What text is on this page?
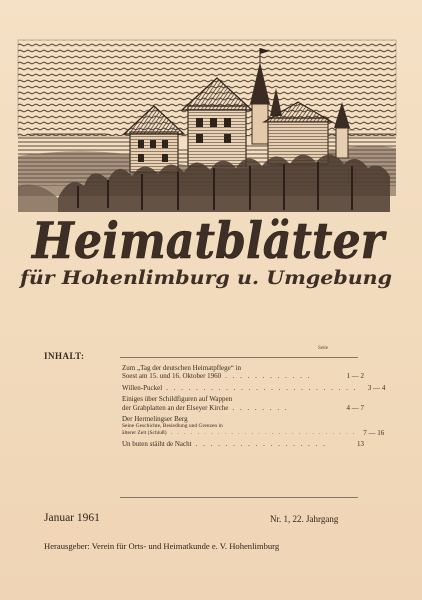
Heimatblätter
für Hohenlimburg u. Umgebung
INHALT:
Seite
Zum „Tag der deutschen Heimatpflege“ in
Soest am 15. und 16. Oktober 1960 . . . . . . . . . . . .	1 — 2
Willen-Puckel . . . . . . . . . . . . . . . . . . . . . . . . . .	3 — 4
Einiges über Schildfiguren auf Wappen
der Grabplatten an der Elseyer Kirche . . . . . . . .	4 — 7
Der Hermelingser Berg
Seine Geschichte, Besiedlung und Grenzen in
älterer Zeit (Schluß) . . . . . . . . . . . . . . . . . . . . . . . . . . . .	7 — 16
Un buten stäiht de Nacht . . . . . . . . . . . . . . . . . .	13
Januar 1961	Nr. 1, 22. Jahrgang
Herausgeber: Verein für Orts- und Heimatkunde e. V. Hohenlimburg
